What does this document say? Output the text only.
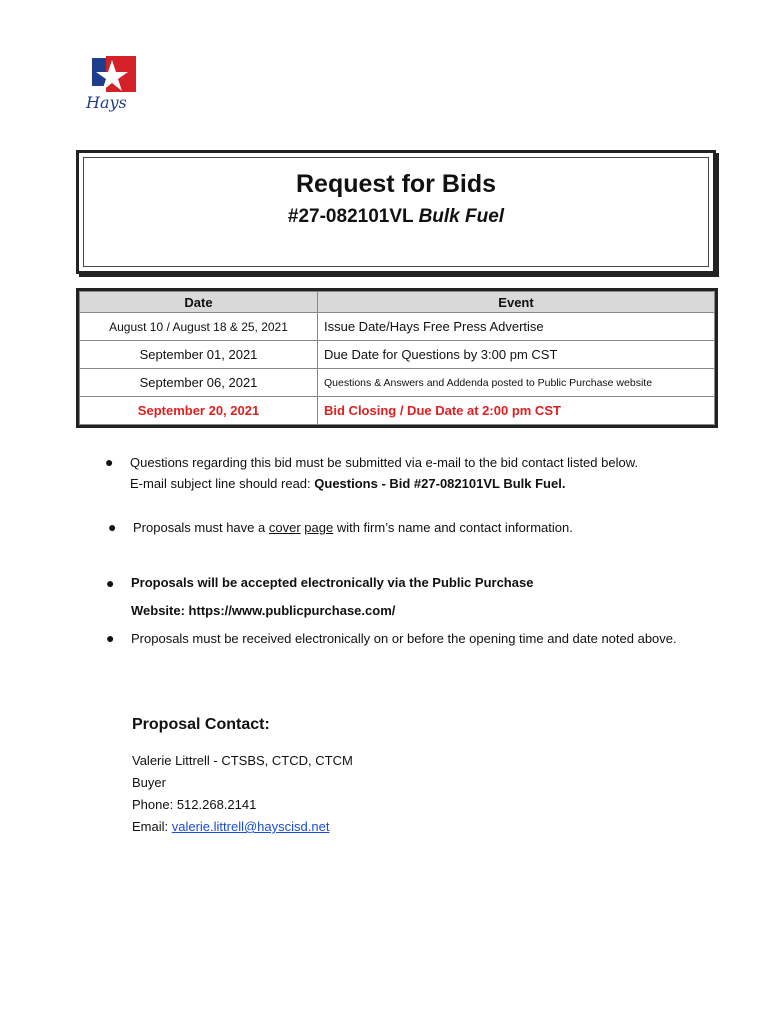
Hays
Request for Bids
#27-082101VL Bulk Fuel
Date	Event
August 10 / August 18 & 25, 2021	Issue Date/Hays Free Press Advertise
September 01, 2021	Due Date for Questions by 3:00 pm CST
September 06, 2021	Questions & Answers and Addenda posted to Public Purchase website
September 20, 2021	Bid Closing / Due Date at 2:00 pm CST
● Questions regarding this bid must be submitted via e-mail to the bid contact listed below.
E-mail subject line should read: Questions - Bid #27-082101VL Bulk Fuel.
● Proposals must have a cover page with firm’s name and contact information.
● Proposals will be accepted electronically via the Public Purchase
Website: https://www.publicpurchase.com/
● Proposals must be received electronically on or before the opening time and date noted above.
Proposal Contact:
Valerie Littrell - CTSBS, CTCD, CTCM
Buyer
Phone: 512.268.2141
Email: valerie.littrell@hayscisd.net
